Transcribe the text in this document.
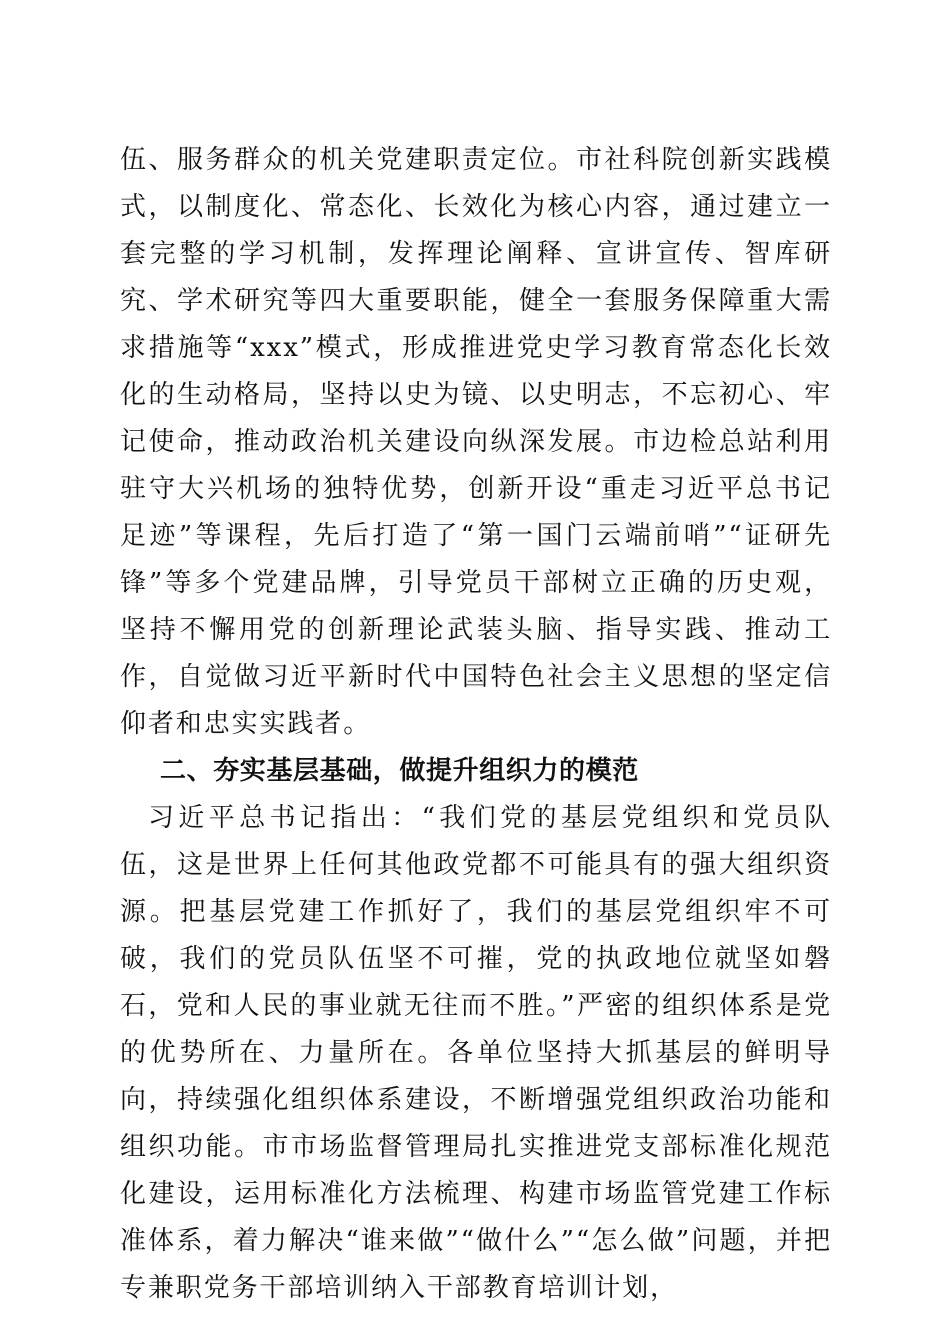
伍、服务群众的机关党建职责定位。市社科院创新实践模式，以制度化、常态化、长效化为核心内容，通过建立一套完整的学习机制，发挥理论阐释、宣讲宣传、智库研究、学术研究等四大重要职能，健全一套服务保障重大需求措施等“xxx”模式，形成推进党史学习教育常态化长效化的生动格局，坚持以史为镜、以史明志，不忘初心、牢记使命，推动政治机关建设向纵深发展。市边检总站利用驻守大兴机场的独特优势，创新开设“重走习近平总书记足迹”等课程，先后打造了“第一国门云端前哨”“证研先锋”等多个党建品牌，引导党员干部树立正确的历史观，坚持不懈用党的创新理论武装头脑、指导实践、推动工作，自觉做习近平新时代中国特色社会主义思想的坚定信仰者和忠实实践者。

二、夯实基层基础，做提升组织力的模范

习近平总书记指出：“我们党的基层党组织和党员队伍，这是世界上任何其他政党都不可能具有的强大组织资源。把基层党建工作抓好了，我们的基层党组织牢不可破，我们的党员队伍坚不可摧，党的执政地位就坚如磐石，党和人民的事业就无往而不胜。”严密的组织体系是党的优势所在、力量所在。各单位坚持大抓基层的鲜明导向，持续强化组织体系建设，不断增强党组织政治功能和组织功能。市市场监督管理局扎实推进党支部标准化规范化建设，运用标准化方法梳理、构建市场监管党建工作标准体系，着力解决“谁来做”“做什么”“怎么做”问题，并把专兼职党务干部培训纳入干部教育培训计划，
